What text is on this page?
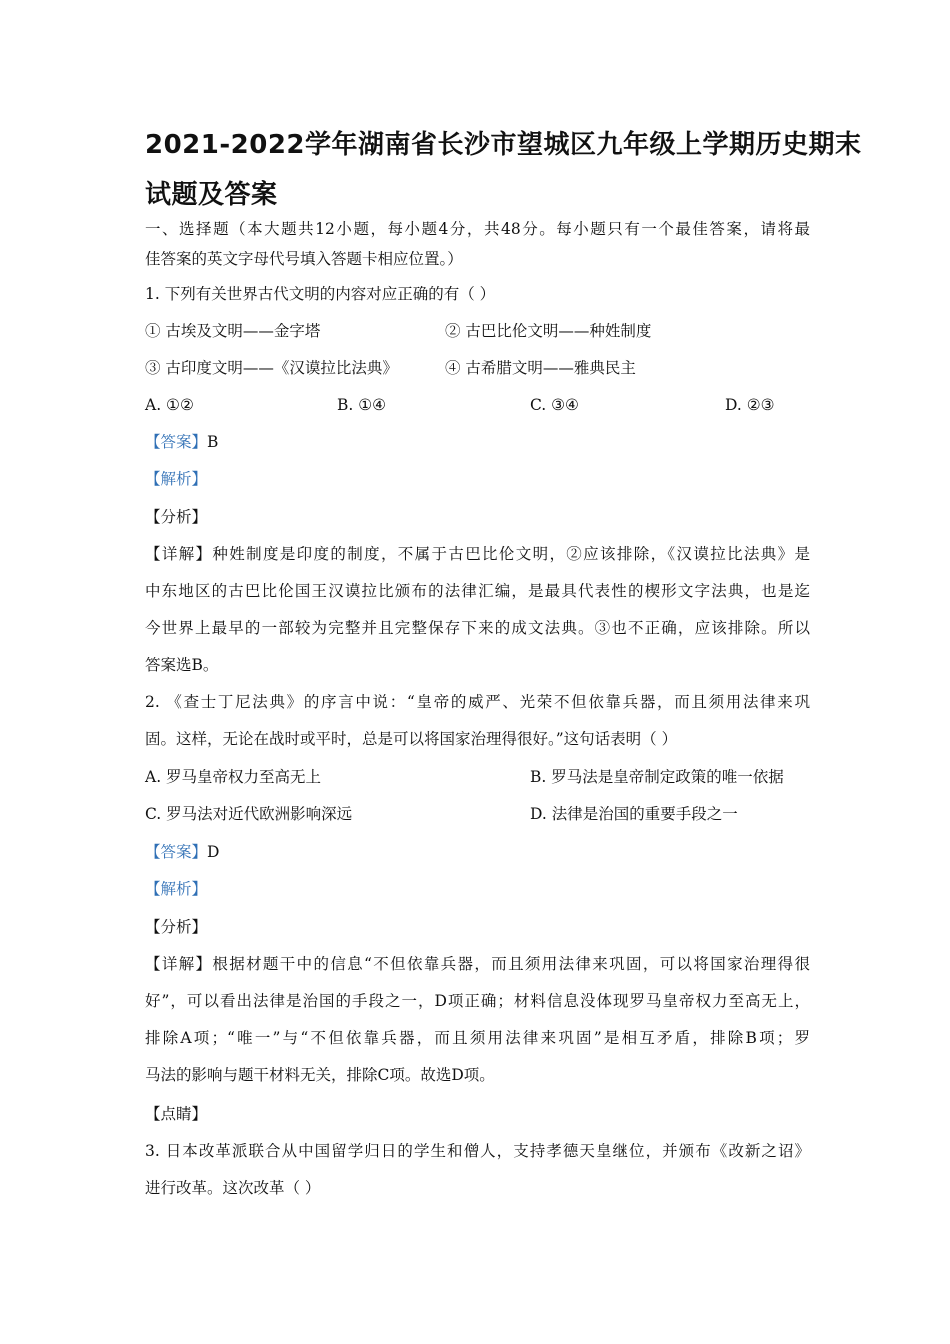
2021-2022学年湖南省长沙市望城区九年级上学期历史期末
试题及答案
一、选择题（本大题共12小题，每小题4分，共48分。每小题只有一个最佳答案，请将最
佳答案的英文字母代号填入答题卡相应位置。）
1. 下列有关世界古代文明的内容对应正确的有（ ）
① 古埃及文明——金字塔	② 古巴比伦文明——种姓制度
③ 古印度文明——《汉谟拉比法典》	④ 古希腊文明——雅典民主
A. ①②	B. ①④	C. ③④	D. ②③
【答案】B
【解析】
【分析】
【详解】种姓制度是印度的制度，不属于古巴比伦文明，②应该排除，《汉谟拉比法典》是
中东地区的古巴比伦国王汉谟拉比颁布的法律汇编，是最具代表性的楔形文字法典，也是迄
今世界上最早的一部较为完整并且完整保存下来的成文法典。③也不正确，应该排除。所以
答案选B。
2. 《查士丁尼法典》的序言中说：“皇帝的威严、光荣不但依靠兵器，而且须用法律来巩
固。这样，无论在战时或平时，总是可以将国家治理得很好。”这句话表明（ ）
A. 罗马皇帝权力至高无上	B. 罗马法是皇帝制定政策的唯一依据
C. 罗马法对近代欧洲影响深远	D. 法律是治国的重要手段之一
【答案】D
【解析】
【分析】
【详解】根据材题干中的信息“不但依靠兵器，而且须用法律来巩固，可以将国家治理得很
好”，可以看出法律是治国的手段之一，D项正确；材料信息没体现罗马皇帝权力至高无上，
排除A项；“唯一”与“不但依靠兵器，而且须用法律来巩固”是相互矛盾，排除B项；罗
马法的影响与题干材料无关，排除C项。故选D项。
【点睛】
3. 日本改革派联合从中国留学归日的学生和僧人，支持孝德天皇继位，并颁布《改新之诏》
进行改革。这次改革（ ）
